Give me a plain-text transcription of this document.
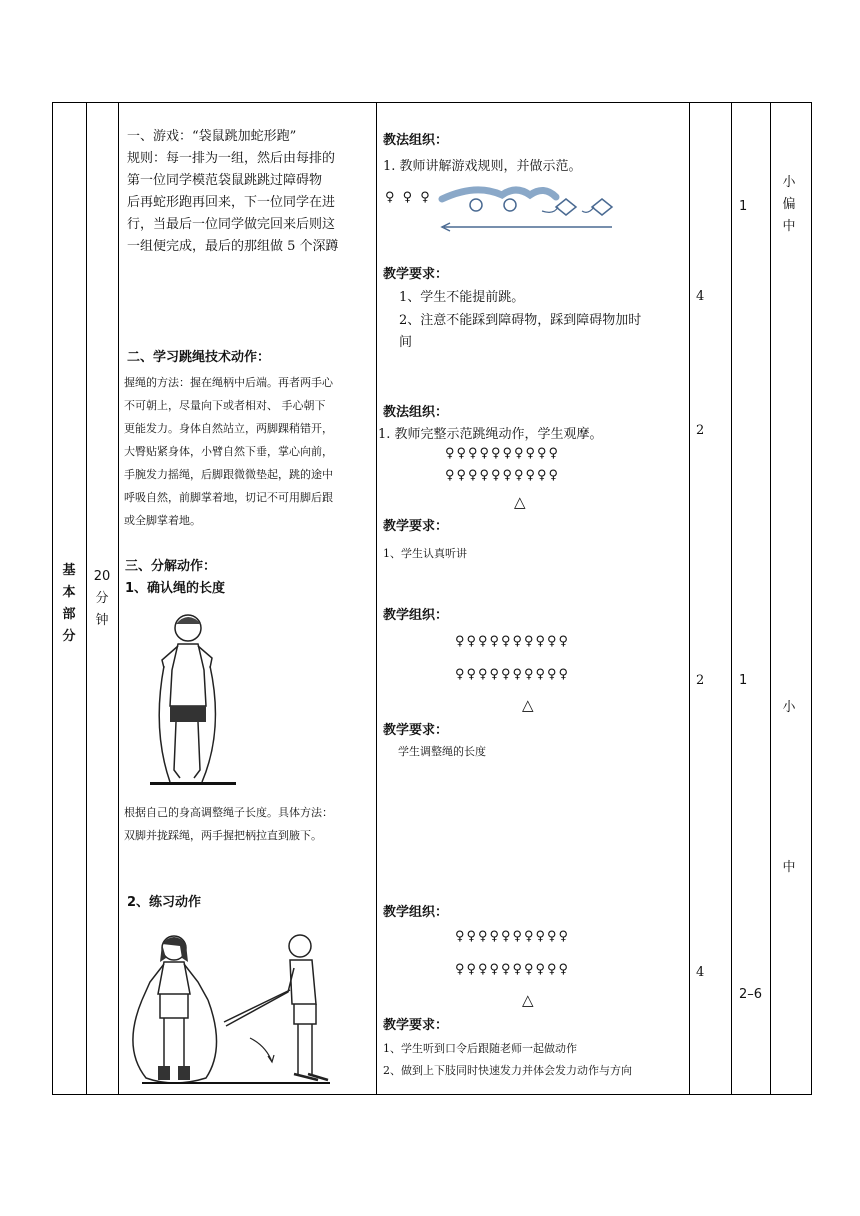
基本部分
20分钟
一、游戏：“袋鼠跳加蛇形跑”
规则：每一排为一组，然后由每排的
第一位同学模范袋鼠跳跳过障碍物
后再蛇形跑再回来，下一位同学在进
行，当最后一位同学做完回来后则这
一组便完成，最后的那组做 5 个深蹲
二、学习跳绳技术动作：
握绳的方法：握在绳柄中后端。再者两手心
不可朝上，尽量向下或者相对、 手心朝下
更能发力。身体自然站立，两脚踝稍错开，
大臀贴紧身体，小臂自然下垂，掌心向前，
手腕发力摇绳，后脚跟微微垫起，跳的途中
呼吸自然，前脚掌着地，切记不可用脚后跟
或全脚掌着地。
三、分解动作：
1、确认绳的长度
根据自己的身高调整绳子长度。具体方法：
双脚并拢踩绳，两手握把柄拉直到腋下。
2、练习动作
教法组织：
1. 教师讲解游戏规则，并做示范。
♀ ♀ ♀
教学要求：
1、学生不能提前跳。
2、注意不能踩到障碍物，踩到障碍物加时
间
教法组织：
1. 教师完整示范跳绳动作，学生观摩。
♀♀♀♀♀♀♀♀♀♀
♀♀♀♀♀♀♀♀♀♀
△
教学要求：
1、学生认真听讲
教学组织：
♀♀♀♀♀♀♀♀♀♀
♀♀♀♀♀♀♀♀♀♀
△
教学要求：
学生调整绳的长度
教学组织：
♀♀♀♀♀♀♀♀♀♀
♀♀♀♀♀♀♀♀♀♀
△
教学要求：
1、学生听到口令后跟随老师一起做动作
2、做到上下肢同时快速发力并体会发力动作与方向
4
2
2
4
1
1
2–6
小偏中
小
中
